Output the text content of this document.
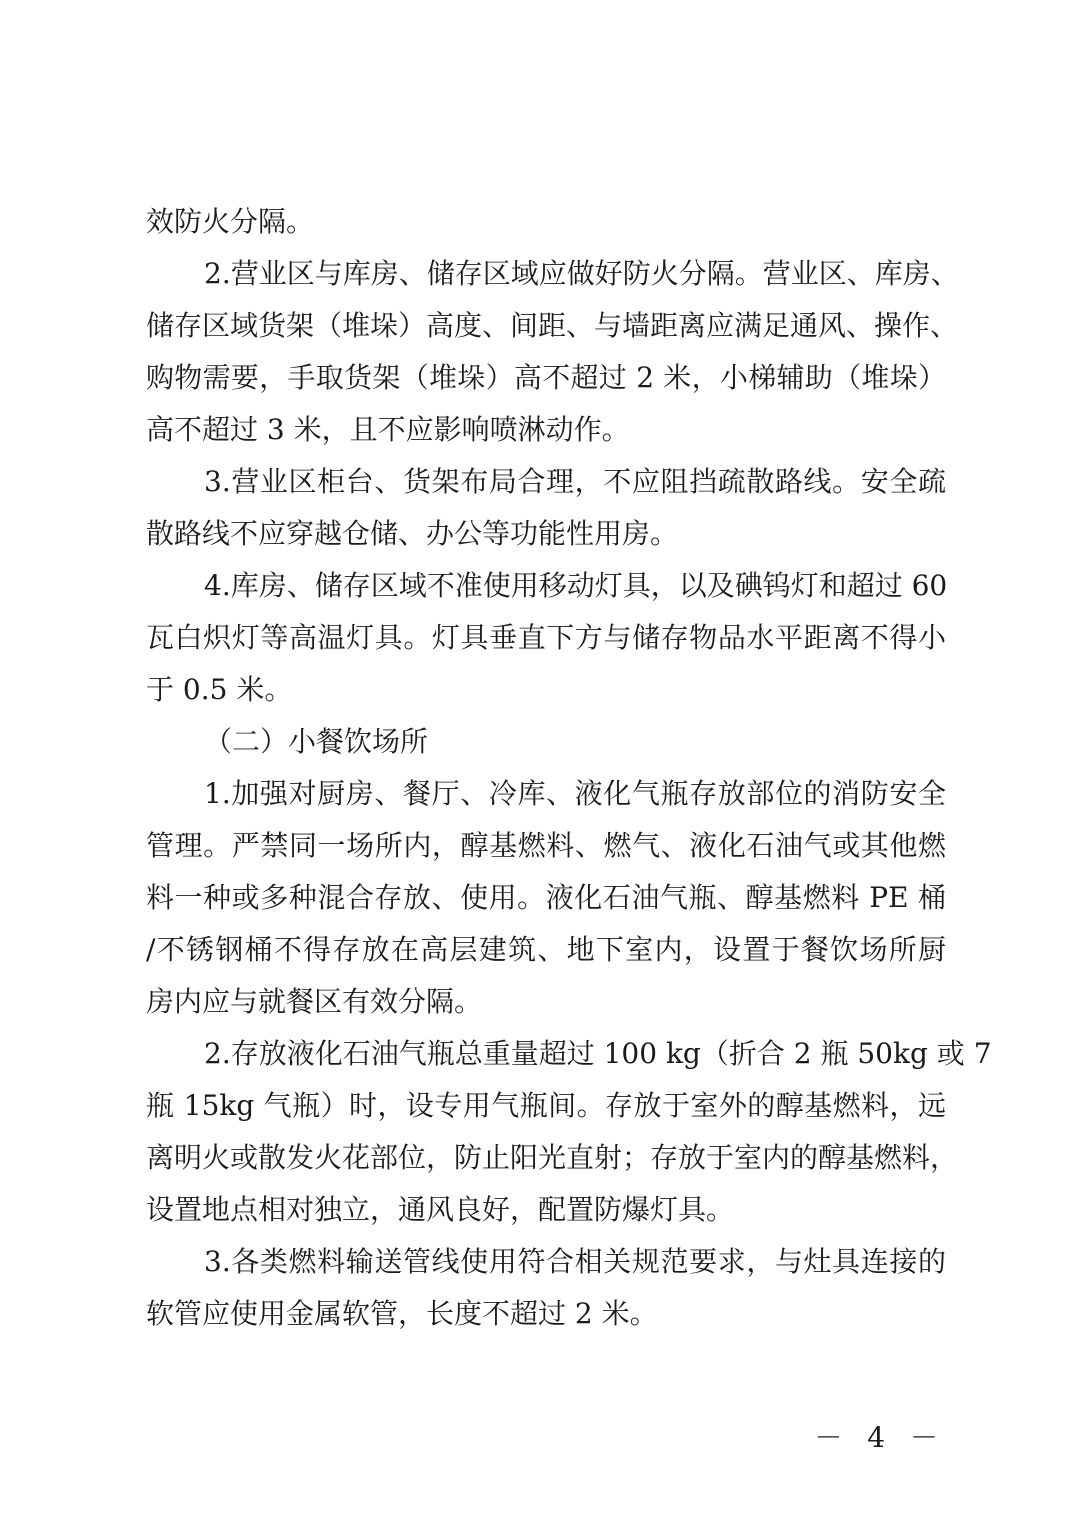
效防火分隔。
2.营业区与库房、储存区域应做好防火分隔。营业区、库房、
储存区域货架（堆垛）高度、间距、与墙距离应满足通风、操作、
购物需要，手取货架（堆垛）高不超过 2 米，小梯辅助（堆垛）
高不超过 3 米，且不应影响喷淋动作。
3.营业区柜台、货架布局合理，不应阻挡疏散路线。安全疏
散路线不应穿越仓储、办公等功能性用房。
4.库房、储存区域不准使用移动灯具，以及碘钨灯和超过 60
瓦白炽灯等高温灯具。灯具垂直下方与储存物品水平距离不得小
于 0.5 米。
（二）小餐饮场所
1.加强对厨房、餐厅、冷库、液化气瓶存放部位的消防安全
管理。严禁同一场所内，醇基燃料、燃气、液化石油气或其他燃
料一种或多种混合存放、使用。液化石油气瓶、醇基燃料 PE 桶
/不锈钢桶不得存放在高层建筑、地下室内，设置于餐饮场所厨
房内应与就餐区有效分隔。
2.存放液化石油气瓶总重量超过 100 kg（折合 2 瓶 50kg 或 7
瓶 15kg 气瓶）时，设专用气瓶间。存放于室外的醇基燃料，远
离明火或散发火花部位，防止阳光直射；存放于室内的醇基燃料，
设置地点相对独立，通风良好，配置防爆灯具。
3.各类燃料输送管线使用符合相关规范要求，与灶具连接的
软管应使用金属软管，长度不超过 2 米。
－ 4 －
